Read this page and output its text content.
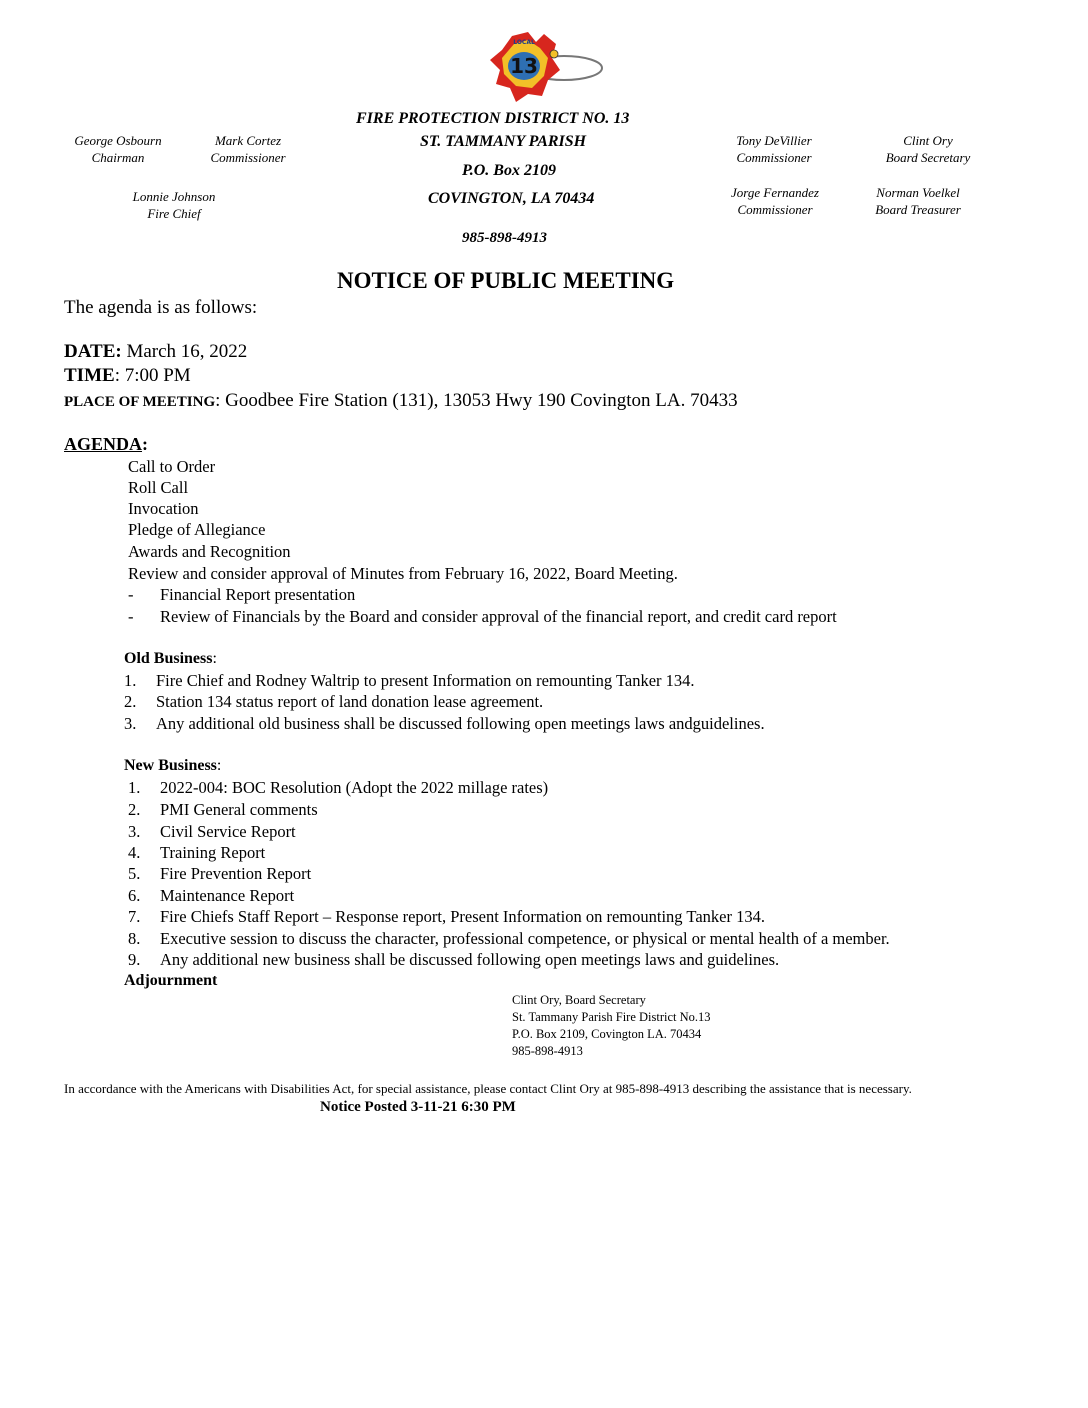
13
LOCAL
FIRE PROTECTION DISTRICT NO. 13
ST. TAMMANY PARISH
P.O. Box 2109
COVINGTON, LA 70434
985-898-4913
George Osbourn
Chairman
Mark Cortez
Commissioner
Lonnie Johnson
Fire Chief
Tony DeVillier
Commissioner
Clint Ory
Board Secretary
Jorge Fernandez
Commissioner
Norman Voelkel
Board Treasurer
NOTICE OF PUBLIC MEETING
The agenda is as follows:
DATE: March 16, 2022
TIME: 7:00 PM
PLACE OF MEETING: Goodbee Fire Station (131), 13053 Hwy 190 Covington LA. 70433
AGENDA:
Call to Order
Roll Call
Invocation
Pledge of Allegiance
Awards and Recognition
Review and consider approval of Minutes from February 16, 2022, Board Meeting.
- Financial Report presentation
- Review of Financials by the Board and consider approval of the financial report, and credit card report
Old Business:
1. Fire Chief and Rodney Waltrip to present Information on remounting Tanker 134.
2. Station 134 status report of land donation lease agreement.
3. Any additional old business shall be discussed following open meetings laws andguidelines.
New Business:
1. 2022-004: BOC Resolution (Adopt the 2022 millage rates)
2. PMI General comments
3. Civil Service Report
4. Training Report
5. Fire Prevention Report
6. Maintenance Report
7. Fire Chiefs Staff Report – Response report, Present Information on remounting Tanker 134.
8. Executive session to discuss the character, professional competence, or physical or mental health of a member.
9. Any additional new business shall be discussed following open meetings laws and guidelines.
Adjournment
Clint Ory, Board Secretary
St. Tammany Parish Fire District No.13
P.O. Box 2109, Covington LA. 70434
985-898-4913
In accordance with the Americans with Disabilities Act, for special assistance, please contact Clint Ory at 985-898-4913 describing the assistance that is necessary.
Notice Posted 3-11-21 6:30 PM
